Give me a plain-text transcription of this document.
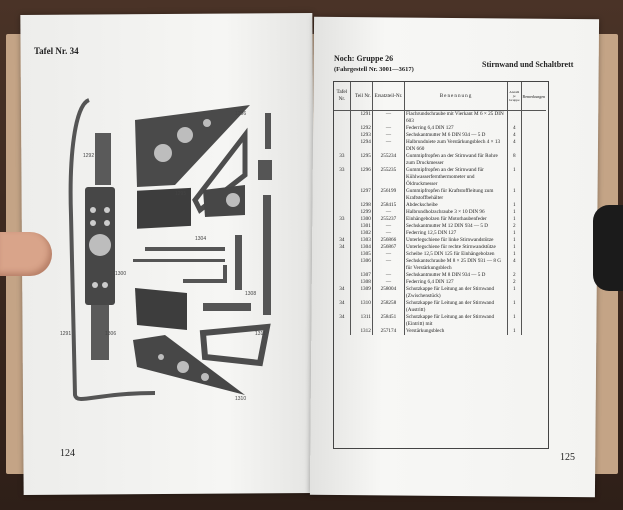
Tafel Nr. 34
1292
1295
1296
1300
1304
1308
1306
1291
1310
1311
124
Noch: Gruppe 26
(Fahrgestell Nr. 3001—3617)
Stirnwand und Schaltbrett
Tafel
Nr.	Teil Nr.	Ersatzteil-Nr.	Benennung	Anzahl je Gruppe	Bemerkungen
	1291	—	Flachrundschraube mit Vierkant M 6 × 25 DIN 603		
	1292	—	Federring 6,4 DIN 127	4	
	1293	—	Sechskantmutter M 6 DIN 934 — 5 D	4	
	1294	—	Halbrundniete zum Verstärkungsblech 4 × 13 DIN 660	4	
33	1295	255234	Gummipfropfen an der Stirnwand für Rohre zum Druckmesser	8	
33	1296	255235	Gummipfropfen an der Stirnwand für Kühlwasserfernthermometer und Öldruckmesser	1	
	1297	256199	Gummipfropfen für Kraftstoffleitung zum Kraftstoffbehälter	1	
	1298	258415	Abdeckscheibe	1	
	1299	—	Halbrundholzschraube 3 × 10 DIN 96	1	
33	1300	255237	Einhängebolzen für Motorhaubenfeder	1	
	1301	—	Sechskantmutter M 12 DIN 934 — 5 D	2	
	1302	—	Federring 12,5 DIN 127	1	
34	1303	256866	Unterlegschiene für linke Stirnwandstütze	1	
34	1304	256867	Unterlegschiene für rechte Stirnwandstütze	1	
	1305	—	Scheibe 12,5 DIN 125 für Einhängebolzen	1	
	1306	—	Sechskantschraube M 8 × 25 DIN 931 — 8 G für Verstärkungsblech	4	
	1307	—	Sechskantmutter M 8 DIN 934 — 5 D	2	
	1308	—	Federring 6,4 DIN 127	2	
34	1309	258004	Schutzkappe für Leitung an der Stirnwand (Zwischenstück)	1	
34	1310	258258	Schutzkappe für Leitung an der Stirnwand (Austritt)	1	
34	1311	258451	Schutzkappe für Leitung an der Stirnwand (Eintritt) mit	1	
	1312	257174	Verstärkungsblech	1	
125
